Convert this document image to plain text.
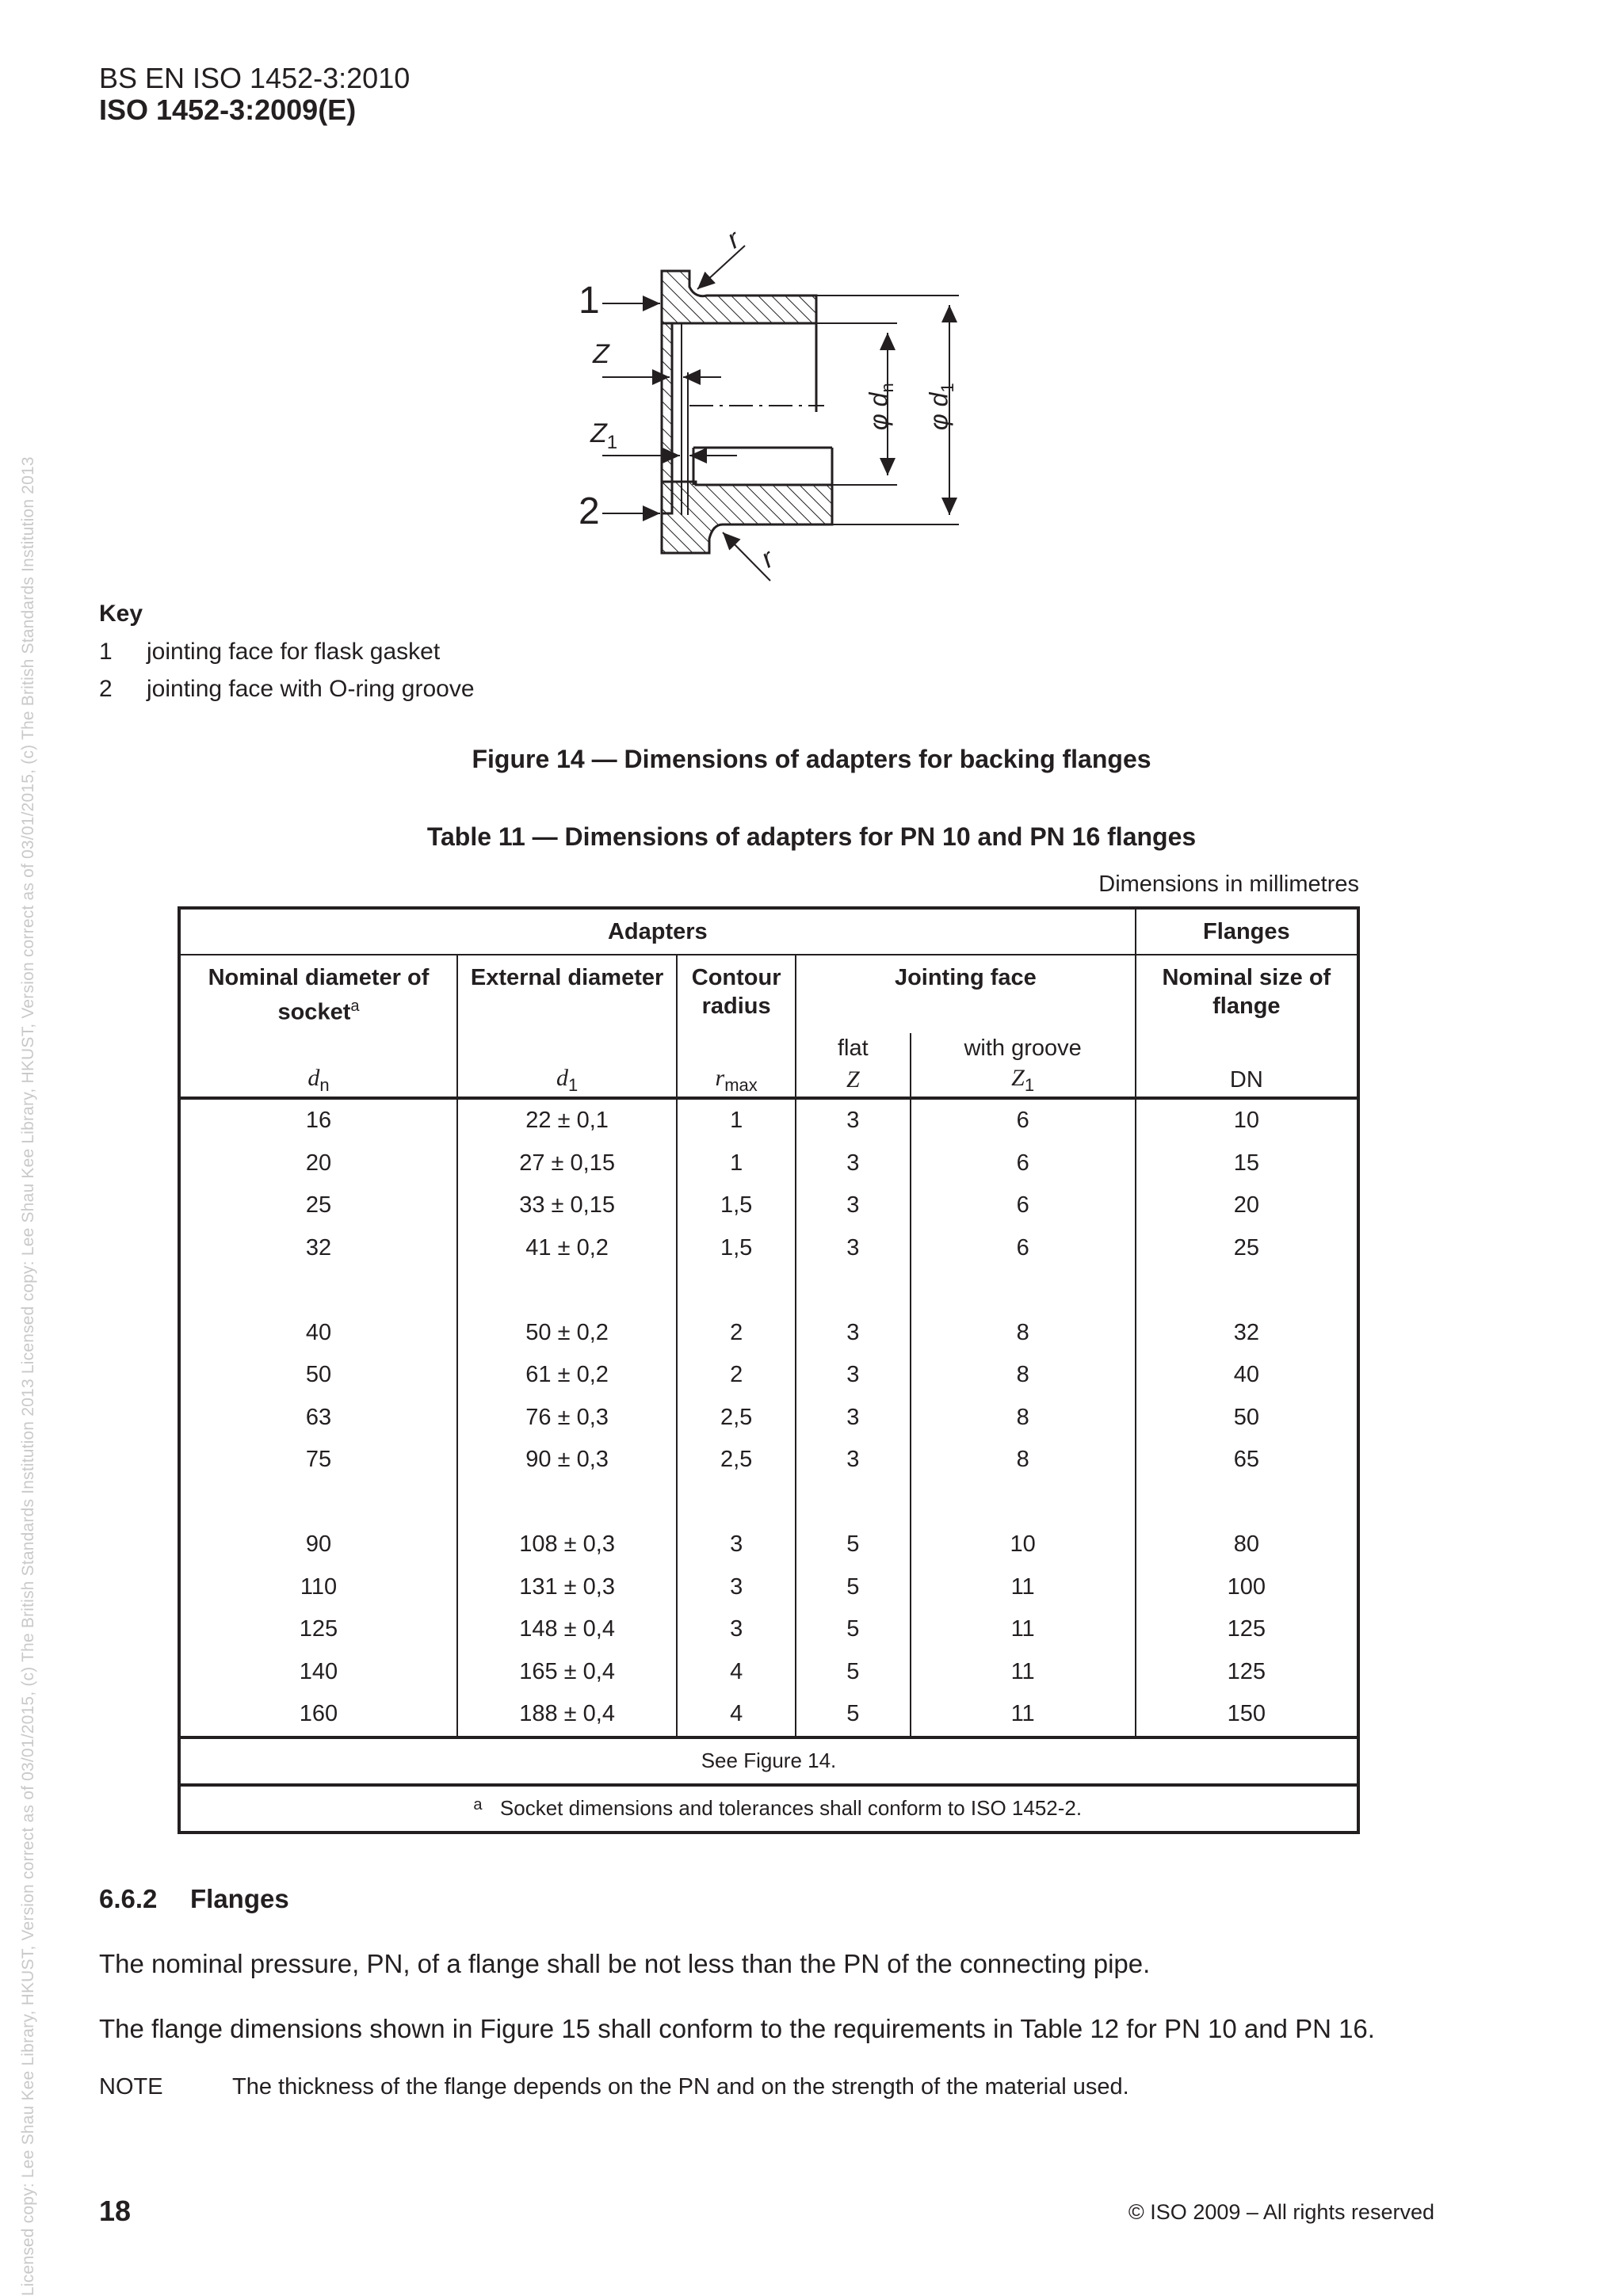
Licensed copy: Lee Shau Kee Library, HKUST, Version correct as of 03/01/2015, (c) The British Standards Institution 2013 Licensed copy: Lee Shau Kee Library, HKUST, Version correct as of 03/01/2015, (c) The British Standards Institution 2013
BS EN ISO 1452-3:2010
ISO 1452-3:2009(E)
1
2
Z
$Z_1$
r
r
φ $d_n$
φ $d_1$
Key
1 jointing face for flask gasket
2 jointing face with O-ring groove
Figure 14 — Dimensions of adapters for backing flanges
Table 11 — Dimensions of adapters for PN 10 and PN 16 flanges
Dimensions in millimetres
Adapters					Flanges
Nominal diameter of socket$^a$	External diameter	Contour radius	Jointing face		Nominal size of flange
			flat	with groove	
$d_n$	$d_1$	$r_{max}$	Z	$Z_1$	DN
16	22 ± 0,1	1	3	6	10
20	27 ± 0,15	1	3	6	15
25	33 ± 0,15	1,5	3	6	20
32	41 ± 0,2	1,5	3	6	25

40	50 ± 0,2	2	3	8	32
50	61 ± 0,2	2	3	8	40
63	76 ± 0,3	2,5	3	8	50
75	90 ± 0,3	2,5	3	8	65

90	108 ± 0,3	3	5	10	80
110	131 ± 0,3	3	5	11	100
125	148 ± 0,4	3	5	11	125
140	165 ± 0,4	4	5	11	125
160	188 ± 0,4	4	5	11	150
See Figure 14.					
$^a$ Socket dimensions and tolerances shall conform to ISO 1452-2.					
6.6.2 Flanges
The nominal pressure, PN, of a flange shall be not less than the PN of the connecting pipe.
The flange dimensions shown in Figure 15 shall conform to the requirements in Table 12 for PN 10 and PN 16.
NOTE	The thickness of the flange depends on the PN and on the strength of the material used.
18	© ISO 2009 – All rights reserved
